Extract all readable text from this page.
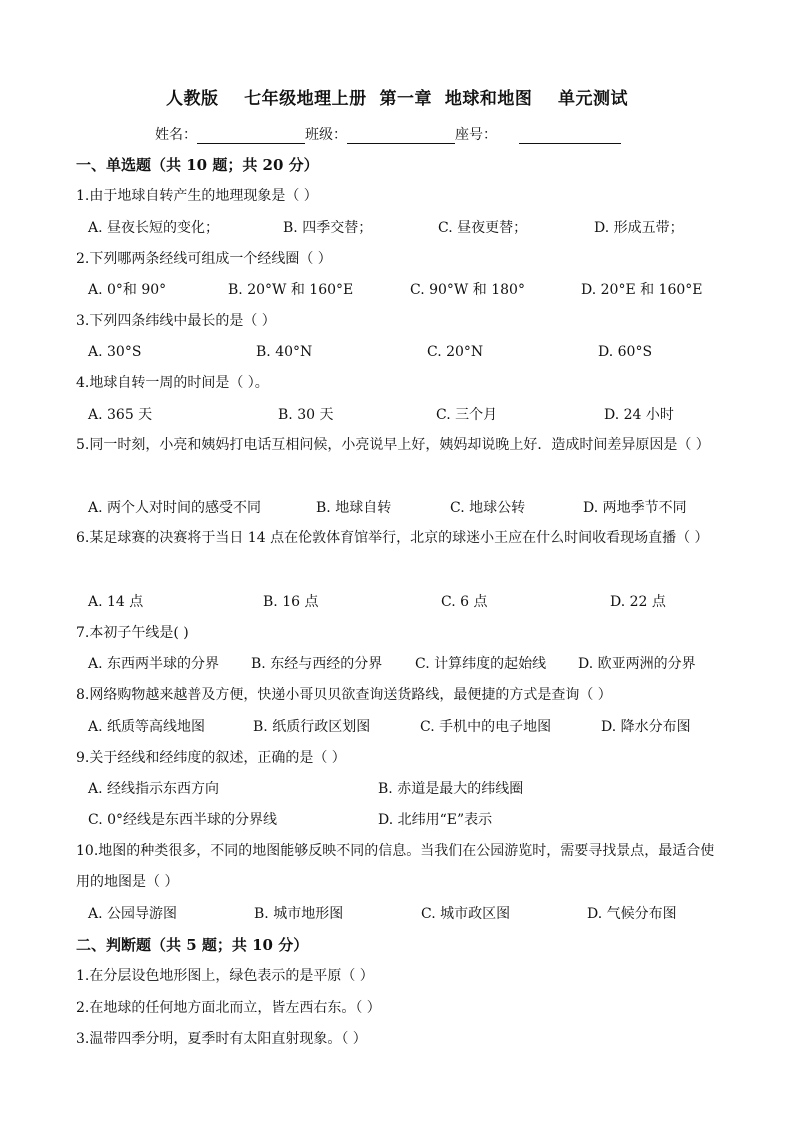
人教版    七年级地理上册  第一章  地球和地图    单元测试
姓名：	班级：	座号：
一、单选题（共 10 题；共 20 分）
1.由于地球自转产生的地理现象是（ ）
A. 昼夜长短的变化；	B. 四季交替；	C. 昼夜更替；	D. 形成五带；
2.下列哪两条经线可组成一个经线圈（ ）
A. 0°和 90°	B. 20°W 和 160°E	C. 90°W 和 180°	D. 20°E 和 160°E
3.下列四条纬线中最长的是（ ）
A. 30°S	B. 40°N	C. 20°N	D. 60°S
4.地球自转一周的时间是（ ）。
A. 365 天	B. 30 天	C. 三个月	D. 24 小时
5.同一时刻，小亮和姨妈打电话互相问候，小亮说早上好，姨妈却说晚上好．造成时间差异原因是（ ）
A. 两个人对时间的感受不同	B. 地球自转	C. 地球公转	D. 两地季节不同
6.某足球赛的决赛将于当日 14 点在伦敦体育馆举行，北京的球迷小王应在什么时间收看现场直播（ ）
A. 14 点	B. 16 点	C. 6 点	D. 22 点
7.本初子午线是( )
A. 东西两半球的分界 B. 东经与西经的分界 C. 计算纬度的起始线 D. 欧亚两洲的分界
8.网络购物越来越普及方便，快递小哥贝贝欲查询送货路线，最便捷的方式是查询（ ）
A. 纸质等高线地图	B. 纸质行政区划图	C. 手机中的电子地图	D. 降水分布图
9.关于经线和经纬度的叙述，正确的是（ ）
A. 经线指示东西方向	B. 赤道是最大的纬线圈
C. 0°经线是东西半球的分界线	D. 北纬用“E”表示
10.地图的种类很多，不同的地图能够反映不同的信息。当我们在公园游览时，需要寻找景点，最适合使用的地图是（ ）
A. 公园导游图	B. 城市地形图	C. 城市政区图	D. 气候分布图
二、判断题（共 5 题；共 10 分）
1.在分层设色地形图上，绿色表示的是平原（ ）
2.在地球的任何地方面北而立，皆左西右东。（ ）
3.温带四季分明，夏季时有太阳直射现象。（ ）
